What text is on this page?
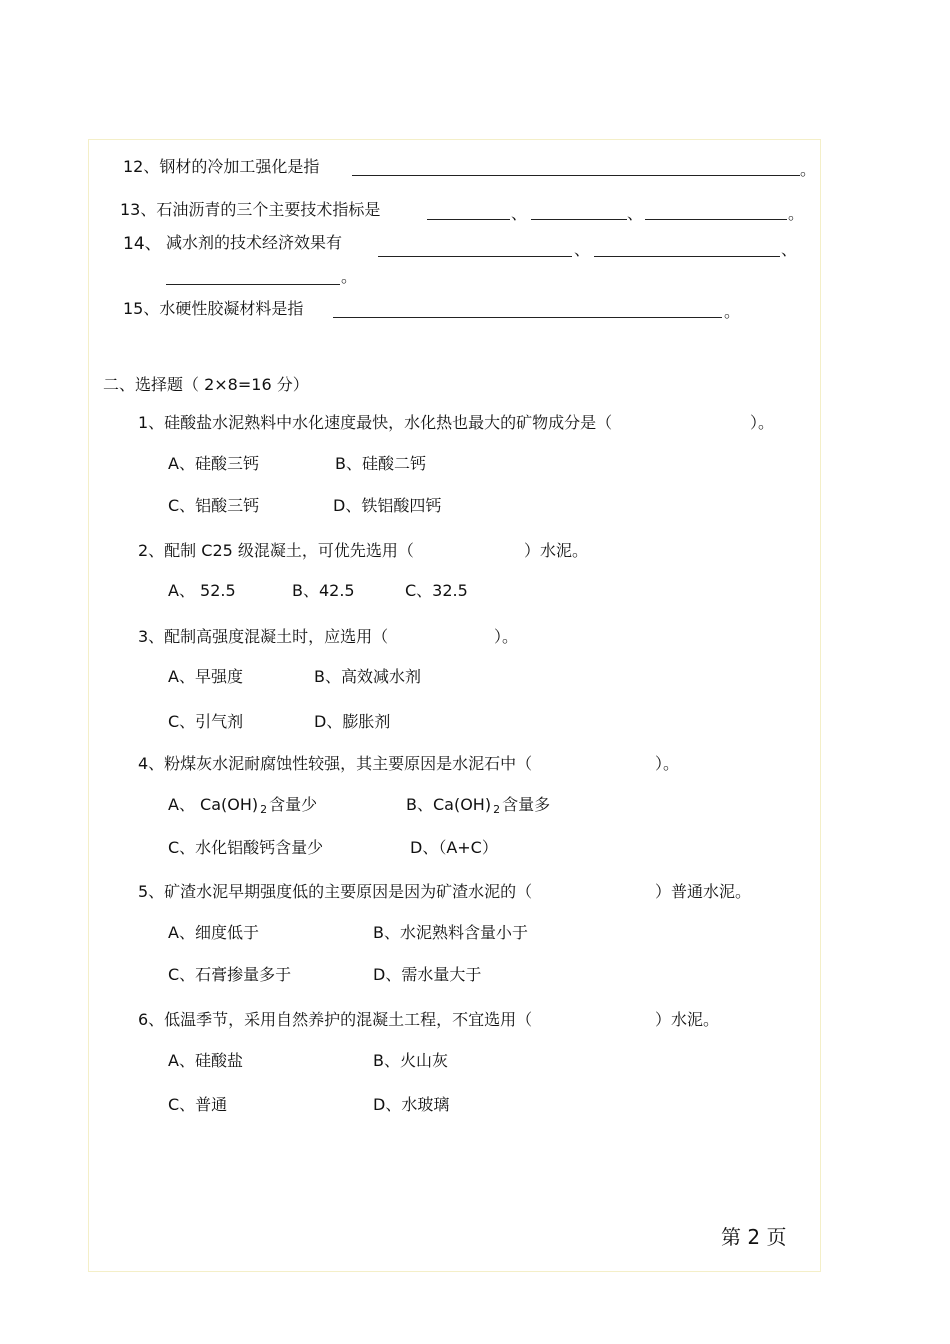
12、钢材的冷加工强化是指	。
13、石油沥青的三个主要技术指标是	、	、	。
14、 减水剂的技术经济效果有	、	、
。
15、水硬性胶凝材料是指	。
二、选择题（ 2×8=16 分）
1、硅酸盐水泥熟料中水化速度最快，水化热也最大的矿物成分是（	）。
A、硅酸三钙	B、硅酸二钙
C、铝酸三钙	D、铁铝酸四钙
2、配制 C25 级混凝土，可优先选用（	）水泥。
A、 52.5	B、42.5	C、32.5
3、配制高强度混凝土时，应选用（	）。
A、早强度	B、高效减水剂
C、引气剂	D、膨胀剂
4、粉煤灰水泥耐腐蚀性较强，其主要原因是水泥石中（	）。
A、 Ca(OH) 2 含量少	B、Ca(OH) 2 含量多
C、水化铝酸钙含量少	D、（A+C）
5、矿渣水泥早期强度低的主要原因是因为矿渣水泥的（	）普通水泥。
A、细度低于	B、水泥熟料含量小于
C、石膏掺量多于	D、需水量大于
6、低温季节，采用自然养护的混凝土工程，不宜选用（	）水泥。
A、硅酸盐	B、火山灰
C、普通	D、水玻璃
第 2 页
